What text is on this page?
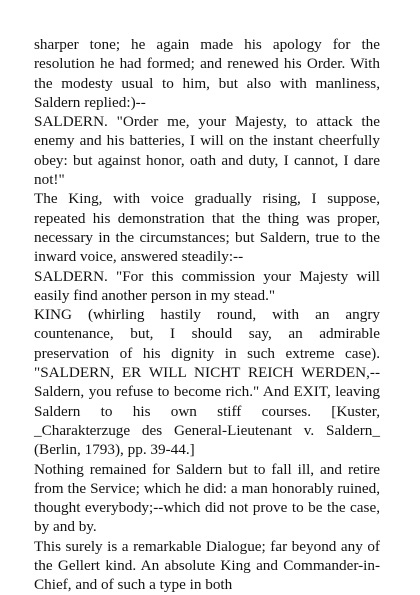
sharper tone; he again made his apology for the resolution he had formed; and renewed his Order. With the modesty usual to him, but also with manliness, Saldern replied:)--

SALDERN. "Order me, your Majesty, to attack the enemy and his batteries, I will on the instant cheerfully obey: but against honor, oath and duty, I cannot, I dare not!"

The King, with voice gradually rising, I suppose, repeated his demonstration that the thing was proper, necessary in the circumstances; but Saldern, true to the inward voice, answered steadily:--

SALDERN. "For this commission your Majesty will easily find another person in my stead."

KING (whirling hastily round, with an angry countenance, but, I should say, an admirable preservation of his dignity in such extreme case). "SALDERN, ER WILL NICHT REICH WERDEN,--Saldern, you refuse to become rich." And EXIT, leaving Saldern to his own stiff courses. [Kuster, _Charakterzuge des General-Lieutenant v. Saldern_ (Berlin, 1793), pp. 39-44.]

Nothing remained for Saldern but to fall ill, and retire from the Service; which he did: a man honorably ruined, thought everybody;--which did not prove to be the case, by and by.

This surely is a remarkable Dialogue; far beyond any of the Gellert kind. An absolute King and Commander-in-Chief, and of such a type in both
